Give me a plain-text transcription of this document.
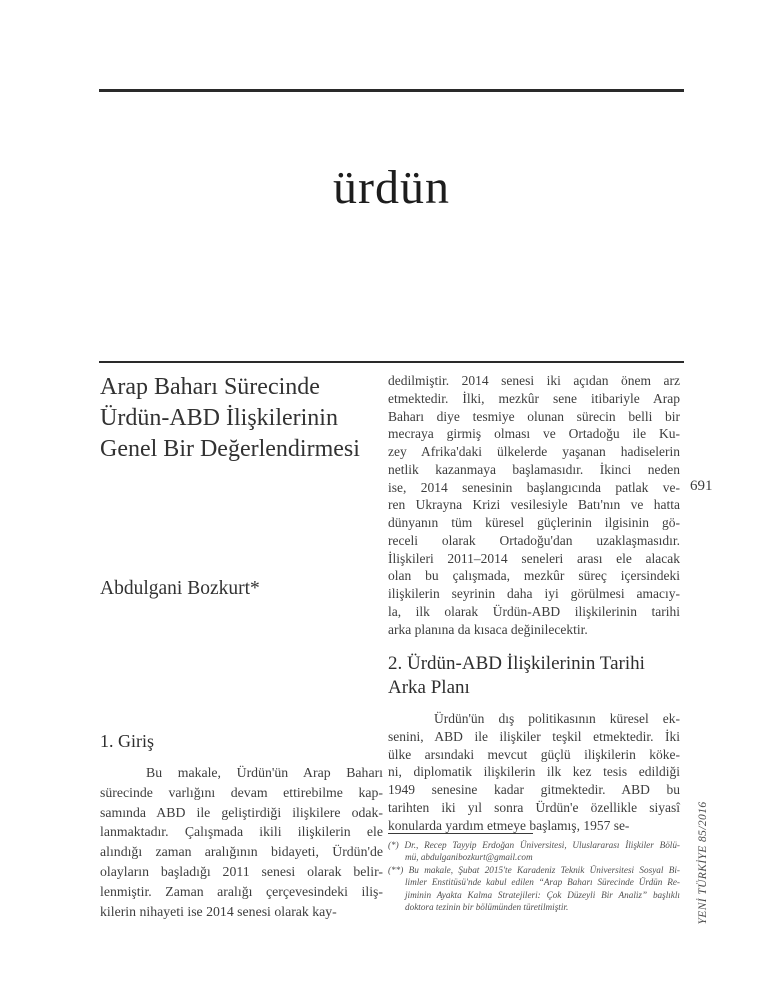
ürdün
Arap Baharı Sürecinde
Ürdün-ABD İlişkilerinin
Genel Bir Değerlendirmesi
Abdulgani Bozkurt*
1. Giriş
Bu makale, Ürdün'ün Arap Baharı
sürecinde varlığını devam ettirebilme kap-
samında ABD ile geliştirdiği ilişkilere odak-
lanmaktadır. Çalışmada ikili ilişkilerin ele
alındığı zaman aralığının bidayeti, Ürdün'de
olayların başladığı 2011 senesi olarak belir-
lenmiştir. Zaman aralığı çerçevesindeki iliş-
kilerin nihayeti ise 2014 senesi olarak kay-
dedilmiştir. 2014 senesi iki açıdan önem arz
etmektedir. İlki, mezkûr sene itibariyle Arap
Baharı diye tesmiye olunan sürecin belli bir
mecraya girmiş olması ve Ortadoğu ile Ku-
zey Afrika'daki ülkelerde yaşanan hadiselerin
netlik kazanmaya başlamasıdır. İkinci neden
ise, 2014 senesinin başlangıcında patlak ve-
ren Ukrayna Krizi vesilesiyle Batı'nın ve hatta
dünyanın tüm küresel güçlerinin ilgisinin gö-
receli olarak Ortadoğu'dan uzaklaşmasıdır.
İlişkileri 2011–2014 seneleri arası ele alacak
olan bu çalışmada, mezkûr süreç içersindeki
ilişkilerin seyrinin daha iyi görülmesi amacıy-
la, ilk olarak Ürdün-ABD ilişkilerinin tarihi
arka planına da kısaca değinilecektir.
2. Ürdün-ABD İlişkilerinin Tarihi
Arka Planı
Ürdün'ün dış politikasının küresel ek-
senini, ABD ile ilişkiler teşkil etmektedir. İki
ülke arsındaki mevcut güçlü ilişkilerin köke-
ni, diplomatik ilişkilerin ilk kez tesis edildiği
1949 senesine kadar gitmektedir. ABD bu
tarihten iki yıl sonra Ürdün'e özellikle siyasî
konularda yardım etmeye başlamış, 1957 se-
(*) Dr., Recep Tayyip Erdoğan Üniversitesi, Uluslararası İlişkiler Bölü-
mü, abdulganibozkurt@gmail.com
(**) Bu makale, Şubat 2015'te Karadeniz Teknik Üniversitesi Sosyal Bi-
limler Enstitüsü'nde kabul edilen “Arap Baharı Sürecinde Ürdün Re-
jiminin Ayakta Kalma Stratejileri: Çok Düzeyli Bir Analiz” başlıklı
doktora tezinin bir bölümünden türetilmiştir.
691
YENİ TÜRKİYE 85/2016
